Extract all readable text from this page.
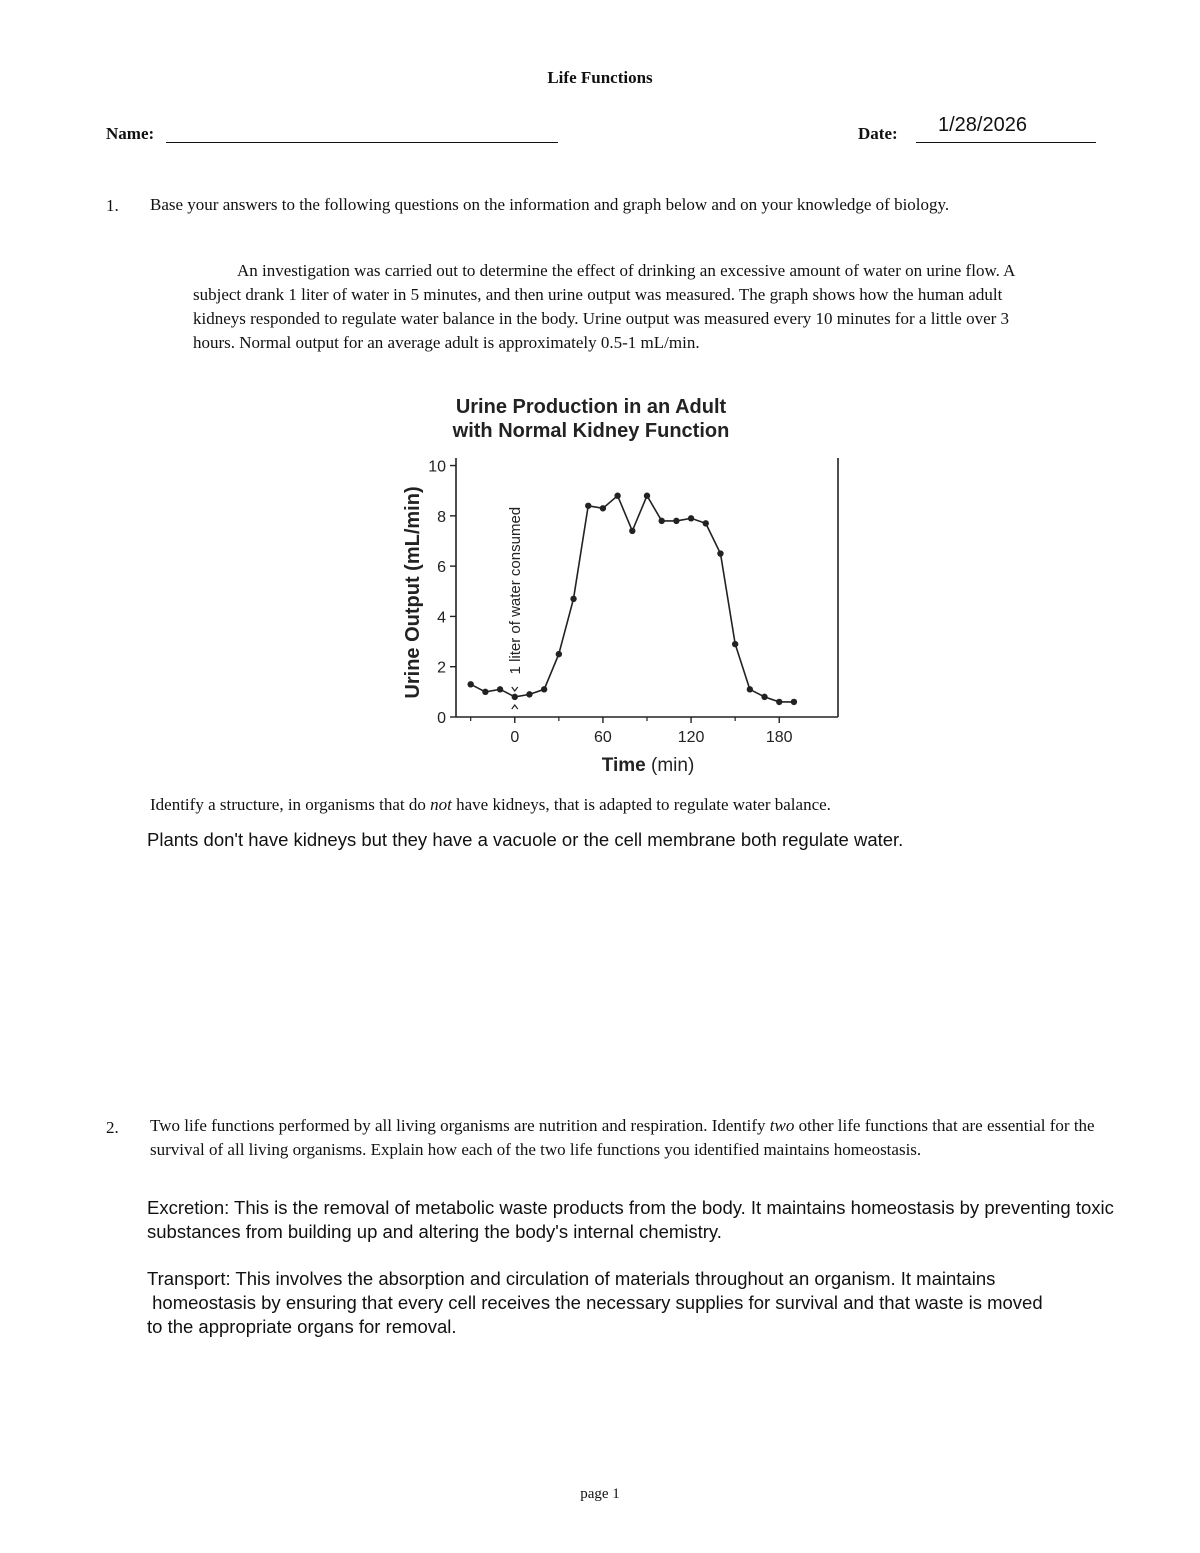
Life Functions
Name:	Date: 1/28/2026
1. Base your answers to the following questions on the information and graph below and on your knowledge of biology.
An investigation was carried out to determine the effect of drinking an excessive amount of water on urine flow. A subject drank 1 liter of water in 5 minutes, and then urine output was measured. The graph shows how the human adult kidneys responded to regulate water balance in the body. Urine output was measured every 10 minutes for a little over 3 hours. Normal output for an average adult is approximately 0.5-1 mL/min.
Urine Production in an Adult
with Normal Kidney Function
0
2
4
6
8
10
0	60	120	180
Time (min)
Urine Output (mL/min)	1 liter of water consumed
Identify a structure, in organisms that do not have kidneys, that is adapted to regulate water balance.
Plants don't have kidneys but they have a vacuole or the cell membrane both regulate water.
2. Two life functions performed by all living organisms are nutrition and respiration. Identify two other life functions that are essential for the survival of all living organisms. Explain how each of the two life functions you identified maintains homeostasis.
Excretion: This is the removal of metabolic waste products from the body. It maintains homeostasis by preventing toxic substances from building up and altering the body's internal chemistry.
Transport: This involves the absorption and circulation of materials throughout an organism. It maintains
homeostasis by ensuring that every cell receives the necessary supplies for survival and that waste is moved
to the appropriate organs for removal.
page 1
